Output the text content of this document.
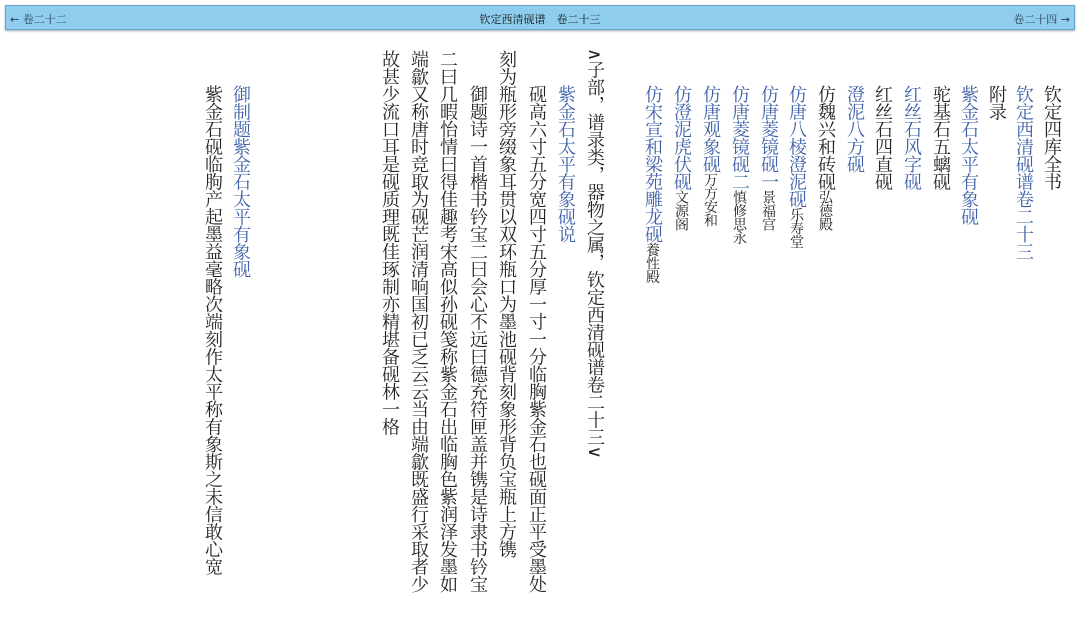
← 卷二十二	钦定西清砚谱　卷二十三	卷二十四 →
钦定四库全书
钦定西清砚谱卷二十三
附录
紫金石太平有象砚
驼基石五螭砚
红丝石风字砚
红丝石四直砚
澄泥八方砚
仿魏兴和砖砚弘德殿
仿唐八棱澄泥砚乐寿堂
仿唐菱镜砚一景福宫
仿唐菱镜砚二慎修思永
仿唐观象砚万方安和
仿澄泥虎伏砚文源阁
仿宋宣和梁苑雕龙砚養性殿
∧子部，谱录类，器物之属，钦定西清砚谱卷二十三∨
紫金石太平有象砚说
砚高六寸五分宽四寸五分厚一寸一分临胸紫金石也砚面正平受墨处
刻为瓶形旁缀象耳贯以双环瓶口为墨池砚背刻象形背负宝瓶上方镌
御题诗一首楷书钤宝二曰会心不远曰德充符匣盖并镌是诗隶书钤宝
二曰几暇怡情曰得佳趣考宋高似孙砚笺称紫金石出临胸色紫润泽发墨如
端歙又称唐时竞取为砚芒润清响国初已乏云云当由端歙既盛行采取者少
故甚少流口耳是砚质理既佳琢制亦精堪备砚林一格
御制题紫金石太平有象砚
紫金石砚临朐产起墨益毫略次端刻作太平称有象斯之未信敢心宽
